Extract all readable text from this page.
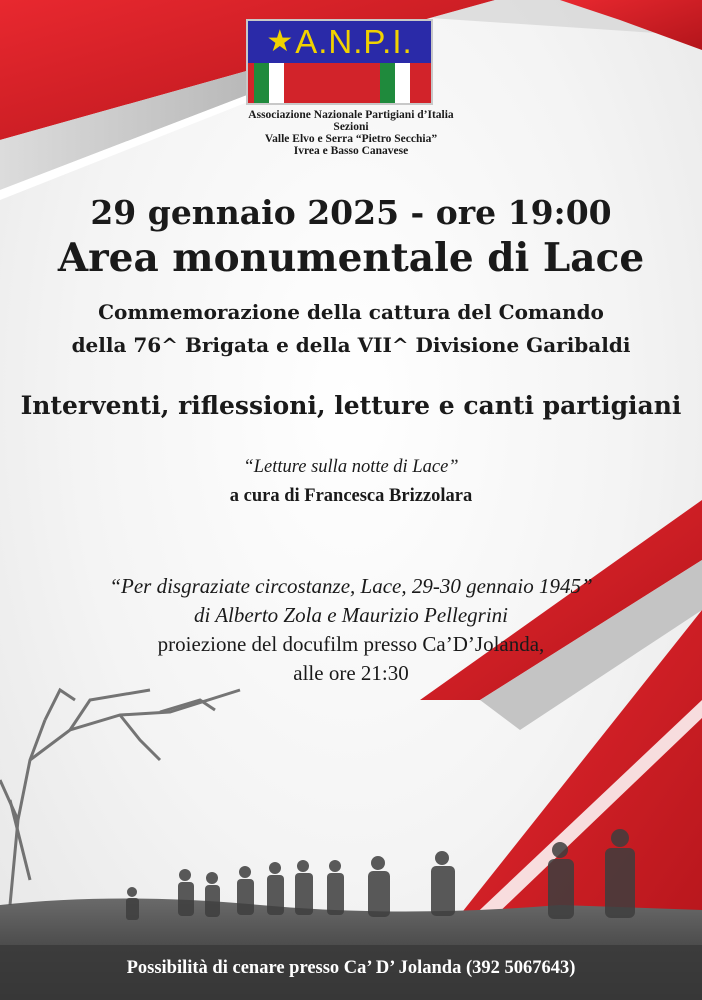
★ A.N.P.I.
Associazione Nazionale Partigiani d’Italia
Sezioni
Valle Elvo e Serra “Pietro Secchia”
Ivrea e Basso Canavese
29 gennaio 2025 - ore 19:00
Area monumentale di Lace
Commemorazione della cattura del Comando
della 76^ Brigata e della VII^ Divisione Garibaldi
Interventi, riflessioni, letture e canti partigiani
“Letture sulla notte di Lace”
a cura di Francesca Brizzolara
“Per disgraziate circostanze, Lace, 29-30 gennaio 1945”
di Alberto Zola e Maurizio Pellegrini
proiezione del docufilm presso Ca’D’Jolanda,
alle ore 21:30
Possibilità di cenare presso Ca’ D’ Jolanda (392 5067643)
